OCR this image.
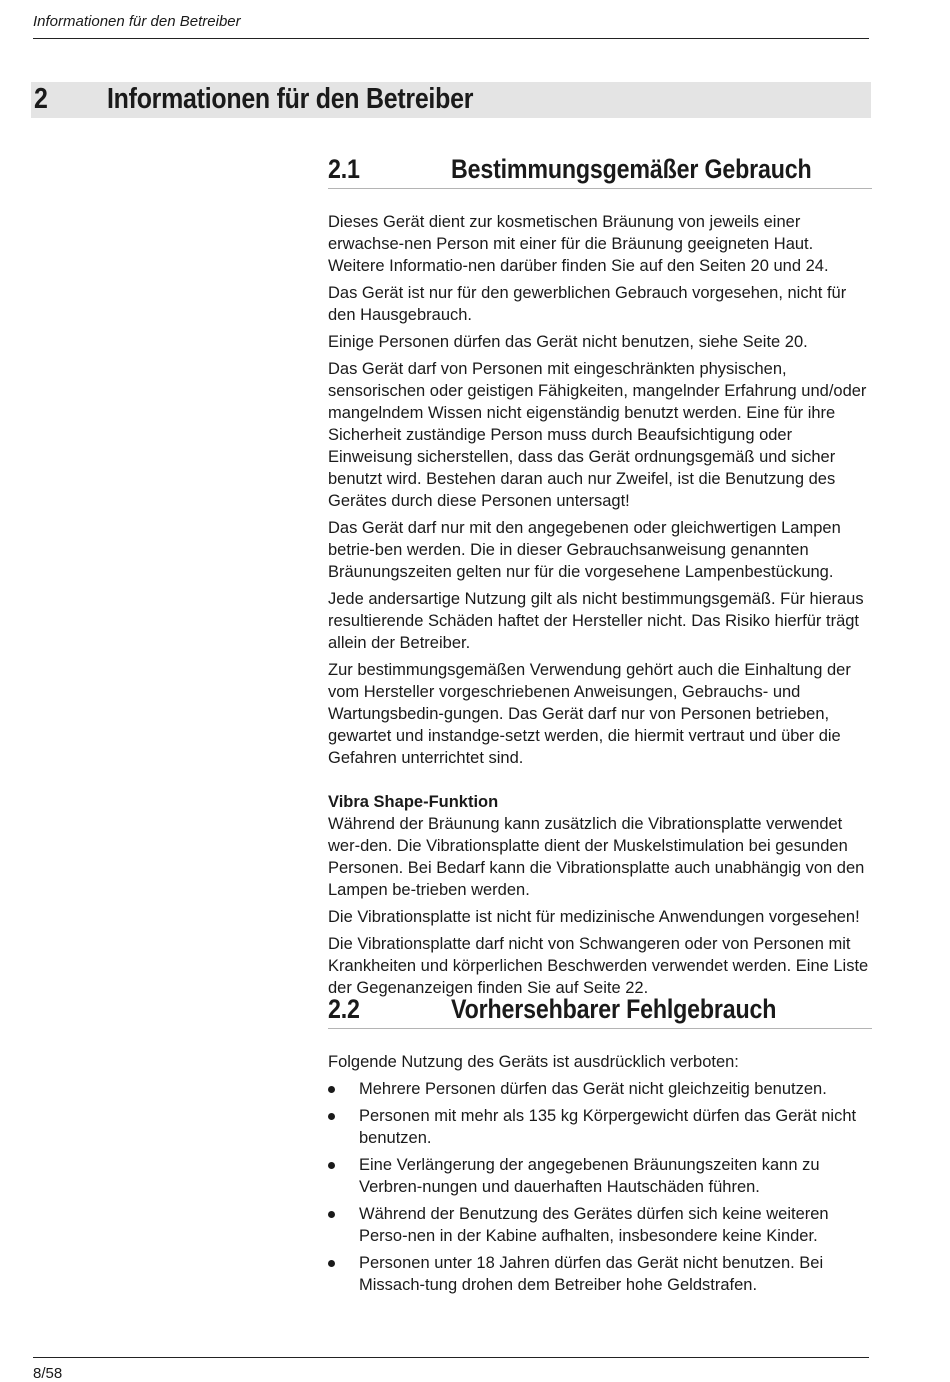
Informationen für den Betreiber
2 Informationen für den Betreiber
2.1	Bestimmungsgemäßer Gebrauch

Dieses Gerät dient zur kosmetischen Bräunung von jeweils einer erwachse-nen Person mit einer für die Bräunung geeigneten Haut. Weitere Informatio-nen darüber finden Sie auf den Seiten 20 und 24.

Das Gerät ist nur für den gewerblichen Gebrauch vorgesehen, nicht für den Hausgebrauch.

Einige Personen dürfen das Gerät nicht benutzen, siehe Seite 20.

Das Gerät darf von Personen mit eingeschränkten physischen, sensorischen oder geistigen Fähigkeiten, mangelnder Erfahrung und/oder mangelndem Wissen nicht eigenständig benutzt werden. Eine für ihre Sicherheit zuständige Person muss durch Beaufsichtigung oder Einweisung sicherstellen, dass das Gerät ordnungsgemäß und sicher benutzt wird. Bestehen daran auch nur Zweifel, ist die Benutzung des Gerätes durch diese Personen untersagt!

Das Gerät darf nur mit den angegebenen oder gleichwertigen Lampen betrie-ben werden. Die in dieser Gebrauchsanweisung genannten Bräunungszeiten gelten nur für die vorgesehene Lampenbestückung.

Jede andersartige Nutzung gilt als nicht bestimmungsgemäß. Für hieraus resultierende Schäden haftet der Hersteller nicht. Das Risiko hierfür trägt allein der Betreiber.

Zur bestimmungsgemäßen Verwendung gehört auch die Einhaltung der vom Hersteller vorgeschriebenen Anweisungen, Gebrauchs- und Wartungsbedin-gungen. Das Gerät darf nur von Personen betrieben, gewartet und instandge-setzt werden, die hiermit vertraut und über die Gefahren unterrichtet sind.

Vibra Shape-Funktion

Während der Bräunung kann zusätzlich die Vibrationsplatte verwendet wer-den. Die Vibrationsplatte dient der Muskelstimulation bei gesunden Personen. Bei Bedarf kann die Vibrationsplatte auch unabhängig von den Lampen be-trieben werden.

Die Vibrationsplatte ist nicht für medizinische Anwendungen vorgesehen!

Die Vibrationsplatte darf nicht von Schwangeren oder von Personen mit Krankheiten und körperlichen Beschwerden verwendet werden. Eine Liste der Gegenanzeigen finden Sie auf Seite 22.

2.2	Vorhersehbarer Fehlgebrauch

Folgende Nutzung des Geräts ist ausdrücklich verboten:

Mehrere Personen dürfen das Gerät nicht gleichzeitig benutzen.
Personen mit mehr als 135 kg Körpergewicht dürfen das Gerät nicht benutzen.
Eine Verlängerung der angegebenen Bräunungszeiten kann zu Verbren-nungen und dauerhaften Hautschäden führen.
Während der Benutzung des Gerätes dürfen sich keine weiteren Perso-nen in der Kabine aufhalten, insbesondere keine Kinder.
Personen unter 18 Jahren dürfen das Gerät nicht benutzen. Bei Missach-tung drohen dem Betreiber hohe Geldstrafen.
8/58
